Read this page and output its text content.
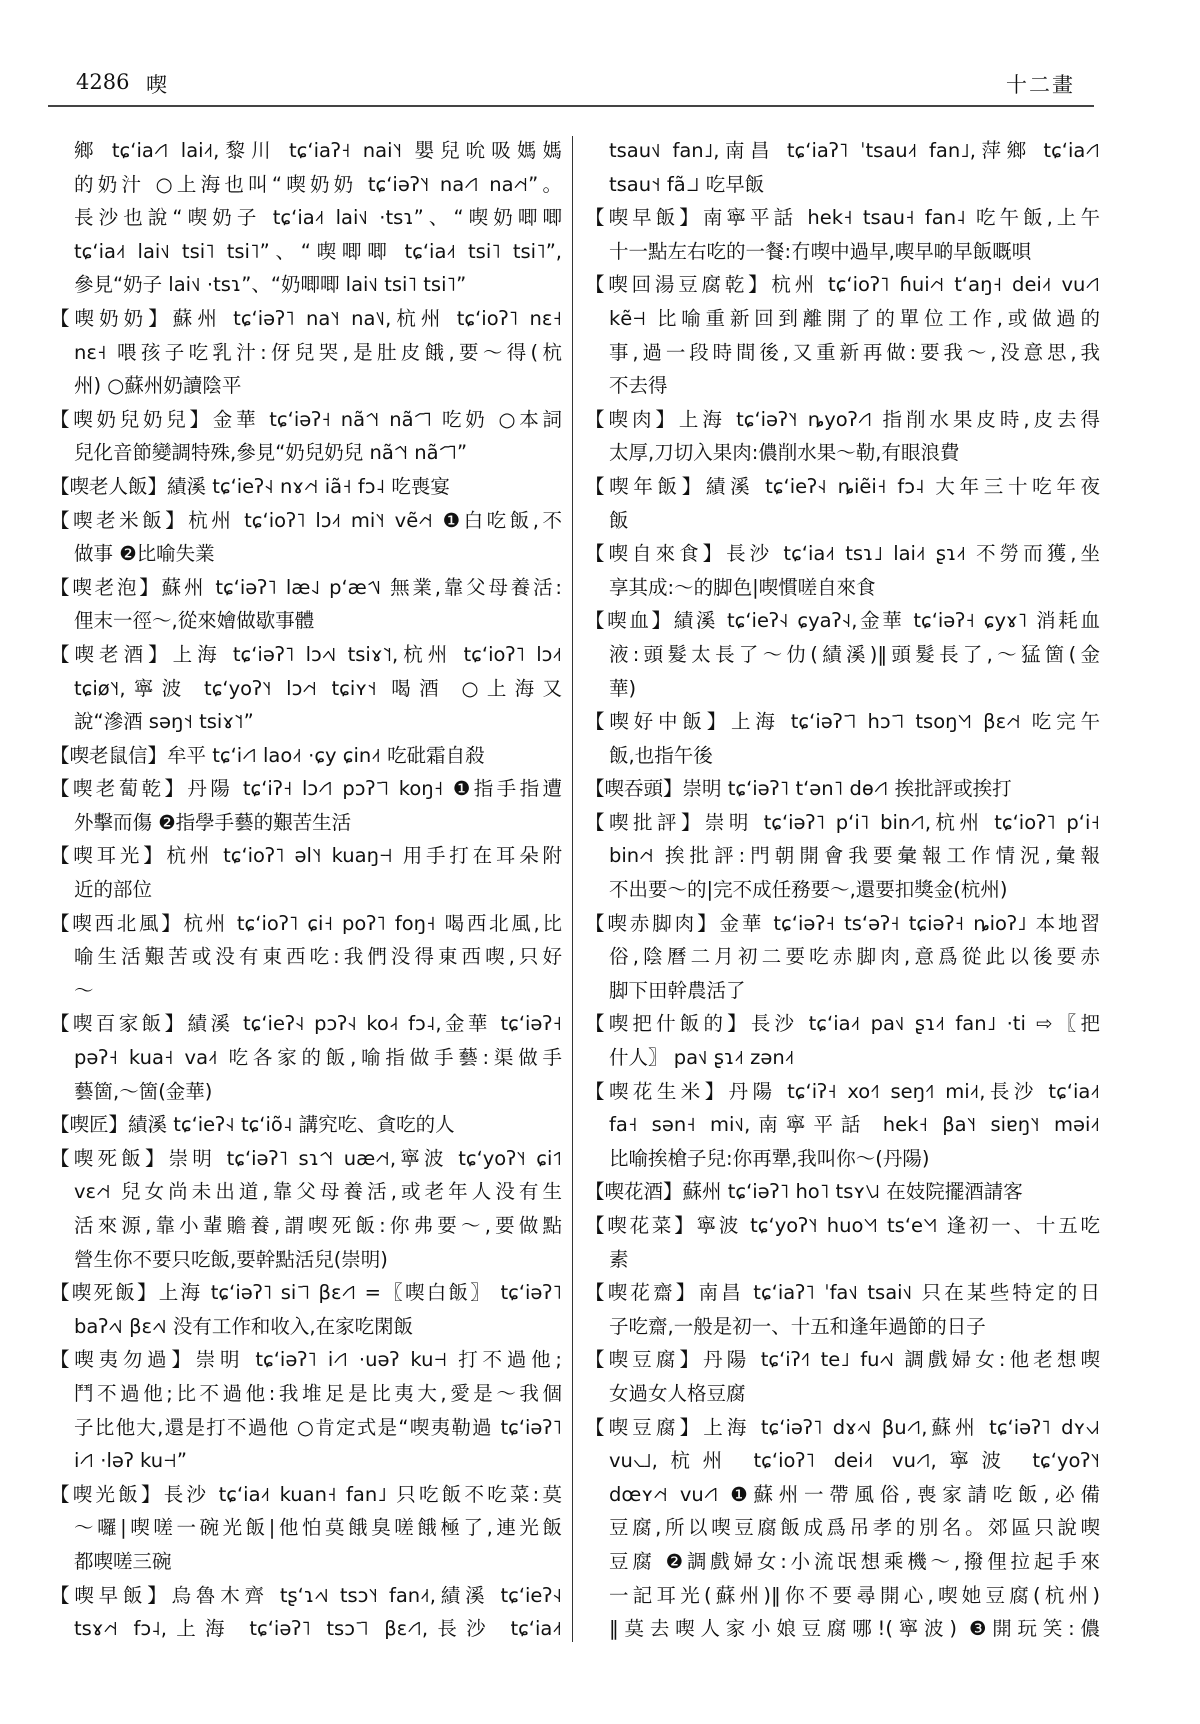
4286 喫	十二畫
鄉 tɕʻia˨˦˥ lai˨˦,黎川 tɕʻiaʔ˧ nai˥˧ 嬰兒吮吸媽媽
的奶汁 ○上海也叫“喫奶奶 tɕʻiəʔ˥˧ na˨˦˥ na˨˦˧”。
長沙也說“喫奶子 tɕʻia˨˦ lai˦˩ ·tsɿ”、“喫奶唧唧
tɕʻia˨˦ lai˦˩ tsi˥ tsi˥”、“喫唧唧 tɕʻia˨˦ tsi˥ tsi˥”,
參見“奶子 lai˦˩ ·tsɿ”、“奶唧唧 lai˦˩ tsi˥ tsi˥”
【喫奶奶】蘇州 tɕʻiəʔ˥ na˥˧ na˥˩,杭州 tɕʻioʔ˥ nɛ˧
nɛ˧ 喂孩子吃乳汁:伢兒哭,是肚皮餓,要～得(杭
州) ○蘇州奶讀陰平
【喫奶兒奶兒】金華 tɕʻiəʔ˧ nã˦˥˧ nã˦˥˥ 吃奶 ○本詞
兒化音節變調特殊,參見“奶兒奶兒 nã˦˥˧ nã˦˥˥”
【喫老人飯】績溪 tɕʻieʔ˧˨ nɤ˨˦˧ iã˧ fɔ˨ 吃喪宴
【喫老米飯】杭州 tɕʻioʔ˥ lɔ˨˦ mi˥˧ vẽ˨˦˧ ❶白吃飯,不
做事 ❷比喻失業
【喫老泡】蘇州 tɕʻiəʔ˥ læ˨˩ pʻæ˦˥˩ 無業,靠父母養活:
俚末一徑～,從來嬒做歇事體
【喫老酒】上海 tɕʻiəʔ˥ lɔ˨˦˩ tsiɤ˥˦,杭州 tɕʻioʔ˥ lɔ˨˦
tɕiø˥˧,寧波 tɕʻyoʔ˥˧ lɔ˨˦˧ tɕiʏ˦˧ 喝酒 ○上海又
說“滲酒 səŋ˦˧ tsiɤ˥˦”
【喫老鼠信】牟平 tɕʻi˨˦˥ lao˨˦ ·ɕy ɕin˨˦ 吃砒霜自殺
【喫老蔔乾】丹陽 tɕʻiʔ˧ lɔ˨˦˥ pɔʔ˥˥ koŋ˧ ❶指手指遭
外擊而傷 ❷指學手藝的艱苦生活
【喫耳光】杭州 tɕʻioʔ˥ əl˥˧ kuaŋ˧˧ 用手打在耳朵附
近的部位
【喫西北風】杭州 tɕʻioʔ˥ ɕi˧ poʔ˥ foŋ˧ 喝西北風,比
喻生活艱苦或没有東西吃:我們没得東西喫,只好
～
【喫百家飯】績溪 tɕʻieʔ˧˨ pɔʔ˧˨ ko˨˧ fɔ˨,金華 tɕʻiəʔ˧
pəʔ˧ kua˧ va˨˦ 吃各家的飯,喻指做手藝:渠做手
藝箇,～箇(金華)
【喫匠】績溪 tɕʻieʔ˧˨ tɕʻiõ˨ 講究吃、貪吃的人
【喫死飯】崇明 tɕʻiəʔ˥ sɿ˦˥˧ uæ˨˦˧,寧波 tɕʻyoʔ˥˧ ɕi˦˥
vɛ˨˦˧ 兒女尚未出道,靠父母養活,或老年人没有生
活來源,靠小輩贍養,謂喫死飯:你弗要～,要做點
營生你不要只吃飯,要幹點活兒(崇明)
【喫死飯】上海 tɕʻiəʔ˥ si˥˥ βɛ˨˦˥ =〖喫白飯〗 tɕʻiəʔ˥
baʔ˨˦˩ βɛ˨˦˩ 没有工作和收入,在家吃閑飯
【喫夷勿過】崇明 tɕʻiəʔ˥ i˨˦˥ ·uəʔ ku˧˧ 打不過他;
鬥不過他;比不過他:我堆足是比夷大,愛是～我個
子比他大,還是打不過他 ○肯定式是“喫夷勒過 tɕʻiəʔ˥
i˨˦˥ ·ləʔ ku˧˧”
【喫光飯】長沙 tɕʻia˨˦ kuan˧ fan˩ 只吃飯不吃菜:莫
～囉|喫嗟一碗光飯|他怕莫餓臭嗟餓極了,連光飯
都喫嗟三碗
【喫早飯】烏魯木齊 tʂʻɿ˨˦˩ tsɔ˥˧ fan˨˦,績溪 tɕʻieʔ˧˨
tsɤ˨˦˧ fɔ˨,上海 tɕʻiəʔ˥ tsɔ˥˥ βɛ˨˦˥,長沙 tɕʻia˨˦
tsau˦˩ fan˩,南昌 tɕʻiaʔ˥ ˈtsau˨˦ fan˩,萍鄉 tɕʻia˨˦˥
tsau˦˧ fã˩˩ 吃早飯
【喫早飯】南寧平話 hek˧ tsau˧ fan˨ 吃午飯,上午
十一點左右吃的一餐:冇喫中過早,喫早啲早飯嘅唄
【喫回湯豆腐乾】杭州 tɕʻioʔ˥ ɦui˨˦˧ tʻaŋ˧ dei˨˦ vu˨˦˥
kẽ˧˧ 比喻重新回到離開了的單位工作,或做過的
事,過一段時間後,又重新再做:要我～,没意思,我
不去得
【喫肉】上海 tɕʻiəʔ˥˧ ȵyoʔ˨˦˥ 指削水果皮時,皮去得
太厚,刀切入果肉:儂削水果～勒,有眼浪費
【喫年飯】績溪 tɕʻieʔ˧˨ ȵiẽi˧ fɔ˨ 大年三十吃年夜
飯
【喫自來食】長沙 tɕʻia˨˦ tsɿ˩ lai˨˦ ʂɿ˨˦ 不勞而獲,坐
享其成:～的脚色|喫慣嗟自來食
【喫血】績溪 tɕʻieʔ˧˨ ɕyaʔ˧˨,金華 tɕʻiəʔ˧ ɕyɤ˥ 消耗血
液:頭髮太長了～仂(績溪)‖頭髮長了,～猛箇(金
華)
【喫好中飯】上海 tɕʻiəʔ˥˥ hɔ˥˥ tsoŋ˥˧˥ βɛ˨˦˧ 吃完午
飯,也指午後
【喫吞頭】崇明 tɕʻiəʔ˥ tʻən˥ dɵ˨˦˥ 挨批評或挨打
【喫批評】崇明 tɕʻiəʔ˥ pʻi˥ bin˨˦˥,杭州 tɕʻioʔ˥ pʻi˧
bin˨˦˧ 挨批評:門朝開會我要彙報工作情況,彙報
不出要～的|完不成任務要～,還要扣獎金(杭州)
【喫赤脚肉】金華 tɕʻiəʔ˧ tsʻəʔ˧ tɕiəʔ˧ ȵioʔ˩ 本地習
俗,陰曆二月初二要吃赤脚肉,意爲從此以後要赤
脚下田幹農活了
【喫把什飯的】長沙 tɕʻia˨˦ pa˦˩ ʂɿ˨˦ fan˩ ·ti ⇨〖把
什人〗 pa˦˩ ʂɿ˨˦ zən˨˦
【喫花生米】丹陽 tɕʻiʔ˧ xo˧˥ seŋ˧˥ mi˨˦,長沙 tɕʻia˨˦
fa˧ sən˧ mi˦˩,南寧平話 hek˧ βa˥˧ siɐŋ˥˧ məi˨˦
比喻挨槍子兒:你再犟,我叫你～(丹陽)
【喫花酒】蘇州 tɕʻiəʔ˥ ho˥ tsʏ˥˩˨ 在妓院擺酒請客
【喫花菜】寧波 tɕʻyoʔ˥˧ huo˥˧˥ tsʻe˥˧˥ 逢初一、十五吃
素
【喫花齋】南昌 tɕʻiaʔ˥ ˈfa˦˩ tsai˦˩ 只在某些特定的日
子吃齋,一般是初一、十五和逢年過節的日子
【喫豆腐】丹陽 tɕʻiʔ˧˥ te˩ fu˨˦˩ 調戲婦女:他老想喫
女過女人格豆腐
【喫豆腐】上海 tɕʻiəʔ˥ dɤ˨˦˩ βu˨˦˥,蘇州 tɕʻiəʔ˥ dʏ˧˩˧
vu˧˩˩,杭州 tɕʻioʔ˥ dei˨˦ vu˨˦˥,寧波 tɕʻyoʔ˥˧
dœʏ˨˦˧ vu˨˦˥ ❶蘇州一帶風俗,喪家請吃飯,必備
豆腐,所以喫豆腐飯成爲吊孝的別名。郊區只說喫
豆腐 ❷調戲婦女:小流氓想乘機～,撥俚拉起手來
一記耳光(蘇州)‖你不要尋開心,喫她豆腐(杭州)
‖莫去喫人家小娘豆腐哪!(寧波) ❸開玩笑:儂
